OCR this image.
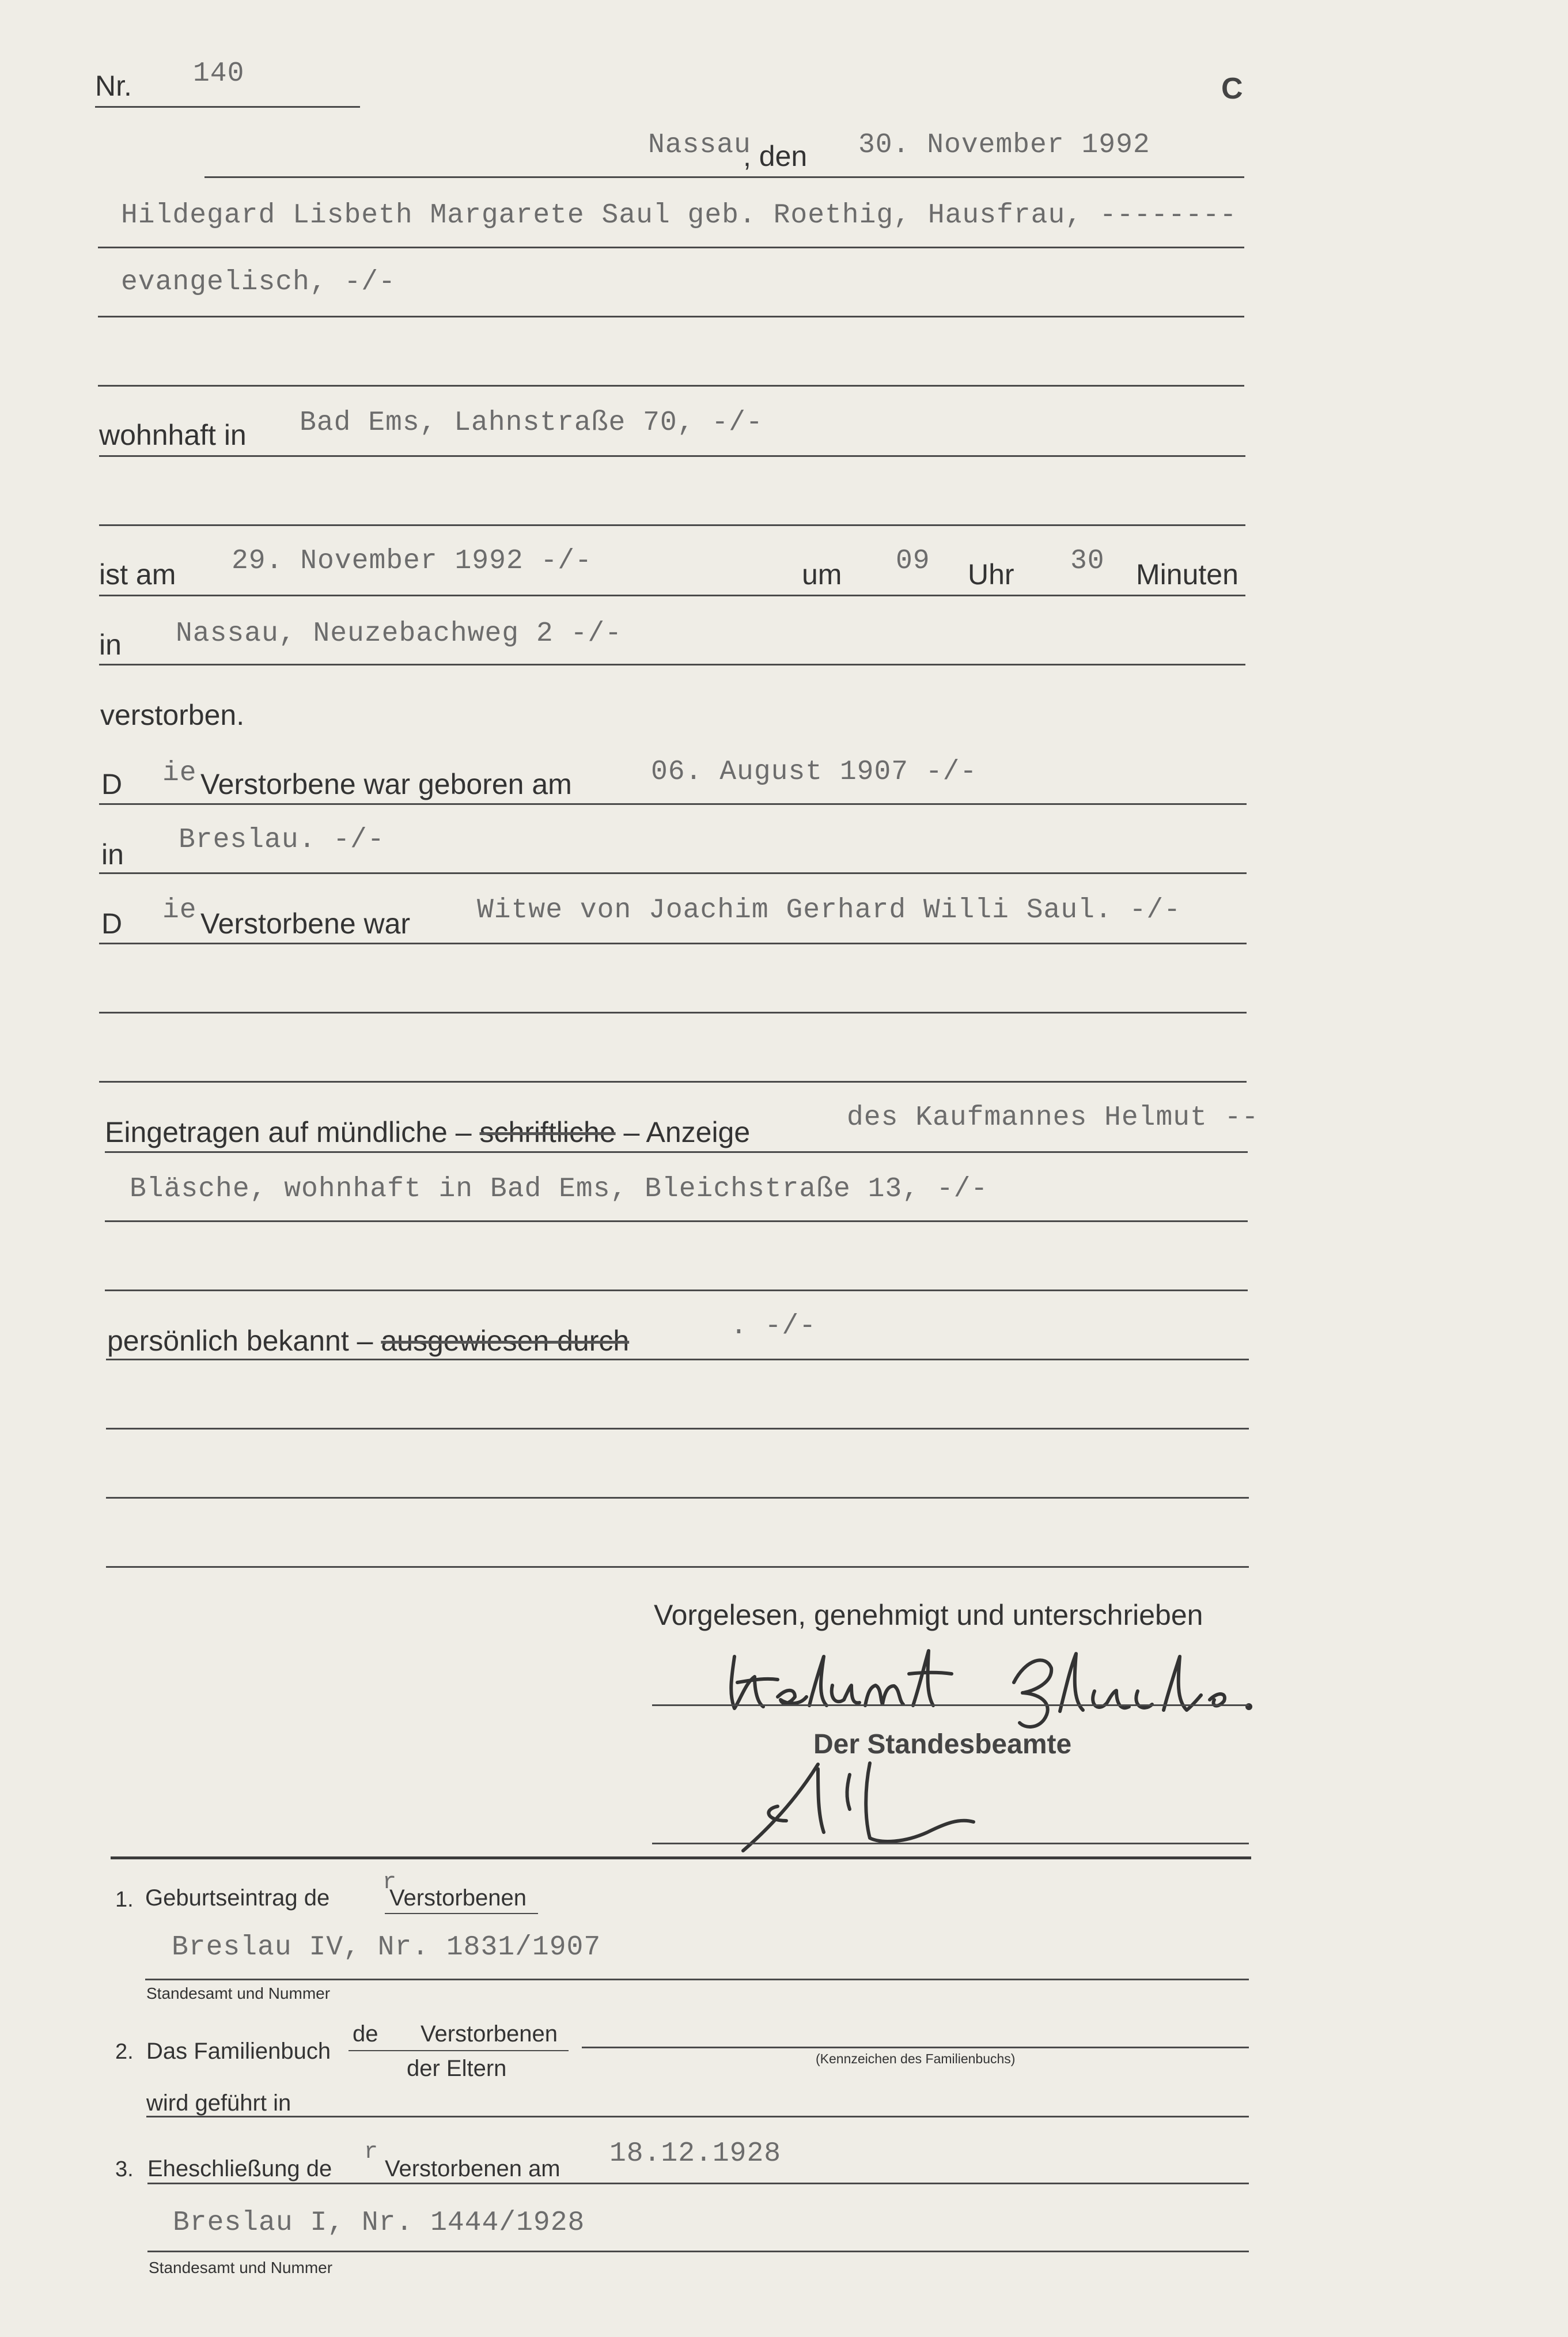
Nr. 140	C
Nassau
, den 30. November 1992
Hildegard Lisbeth Margarete Saul geb. Roethig, Hausfrau, --------
evangelisch, -/-
wohnhaft in Bad Ems, Lahnstraße 70, -/-
ist am 29. November 1992 -/-	um 09 Uhr 30 Minuten
in Nassau, Neuzebachweg 2 -/-
verstorben.
D ie Verstorbene war geboren am	06. August 1907 -/-
in Breslau. -/-
D ie Verstorbene war Witwe von Joachim Gerhard Willi Saul. -/-
Eingetragen auf mündliche – schriftliche – Anzeige	des Kaufmannes Helmut --
Bläsche, wohnhaft in Bad Ems, Bleichstraße 13, -/-
persönlich bekannt – ausgewiesen durch	. -/-
Vorgelesen, genehmigt und unterschrieben
Der Standesbeamte
1. Geburtseintrag de
r
Verstorbenen
Breslau IV, Nr. 1831/1907
Standesamt und Nummer
2. Das Familienbuch
de Verstorbenen
der Eltern	(Kennzeichen des Familienbuchs)
wird geführt in
3. Eheschließung de
r
Verstorbenen am 18.12.1928
Breslau I, Nr. 1444/1928
Standesamt und Nummer
